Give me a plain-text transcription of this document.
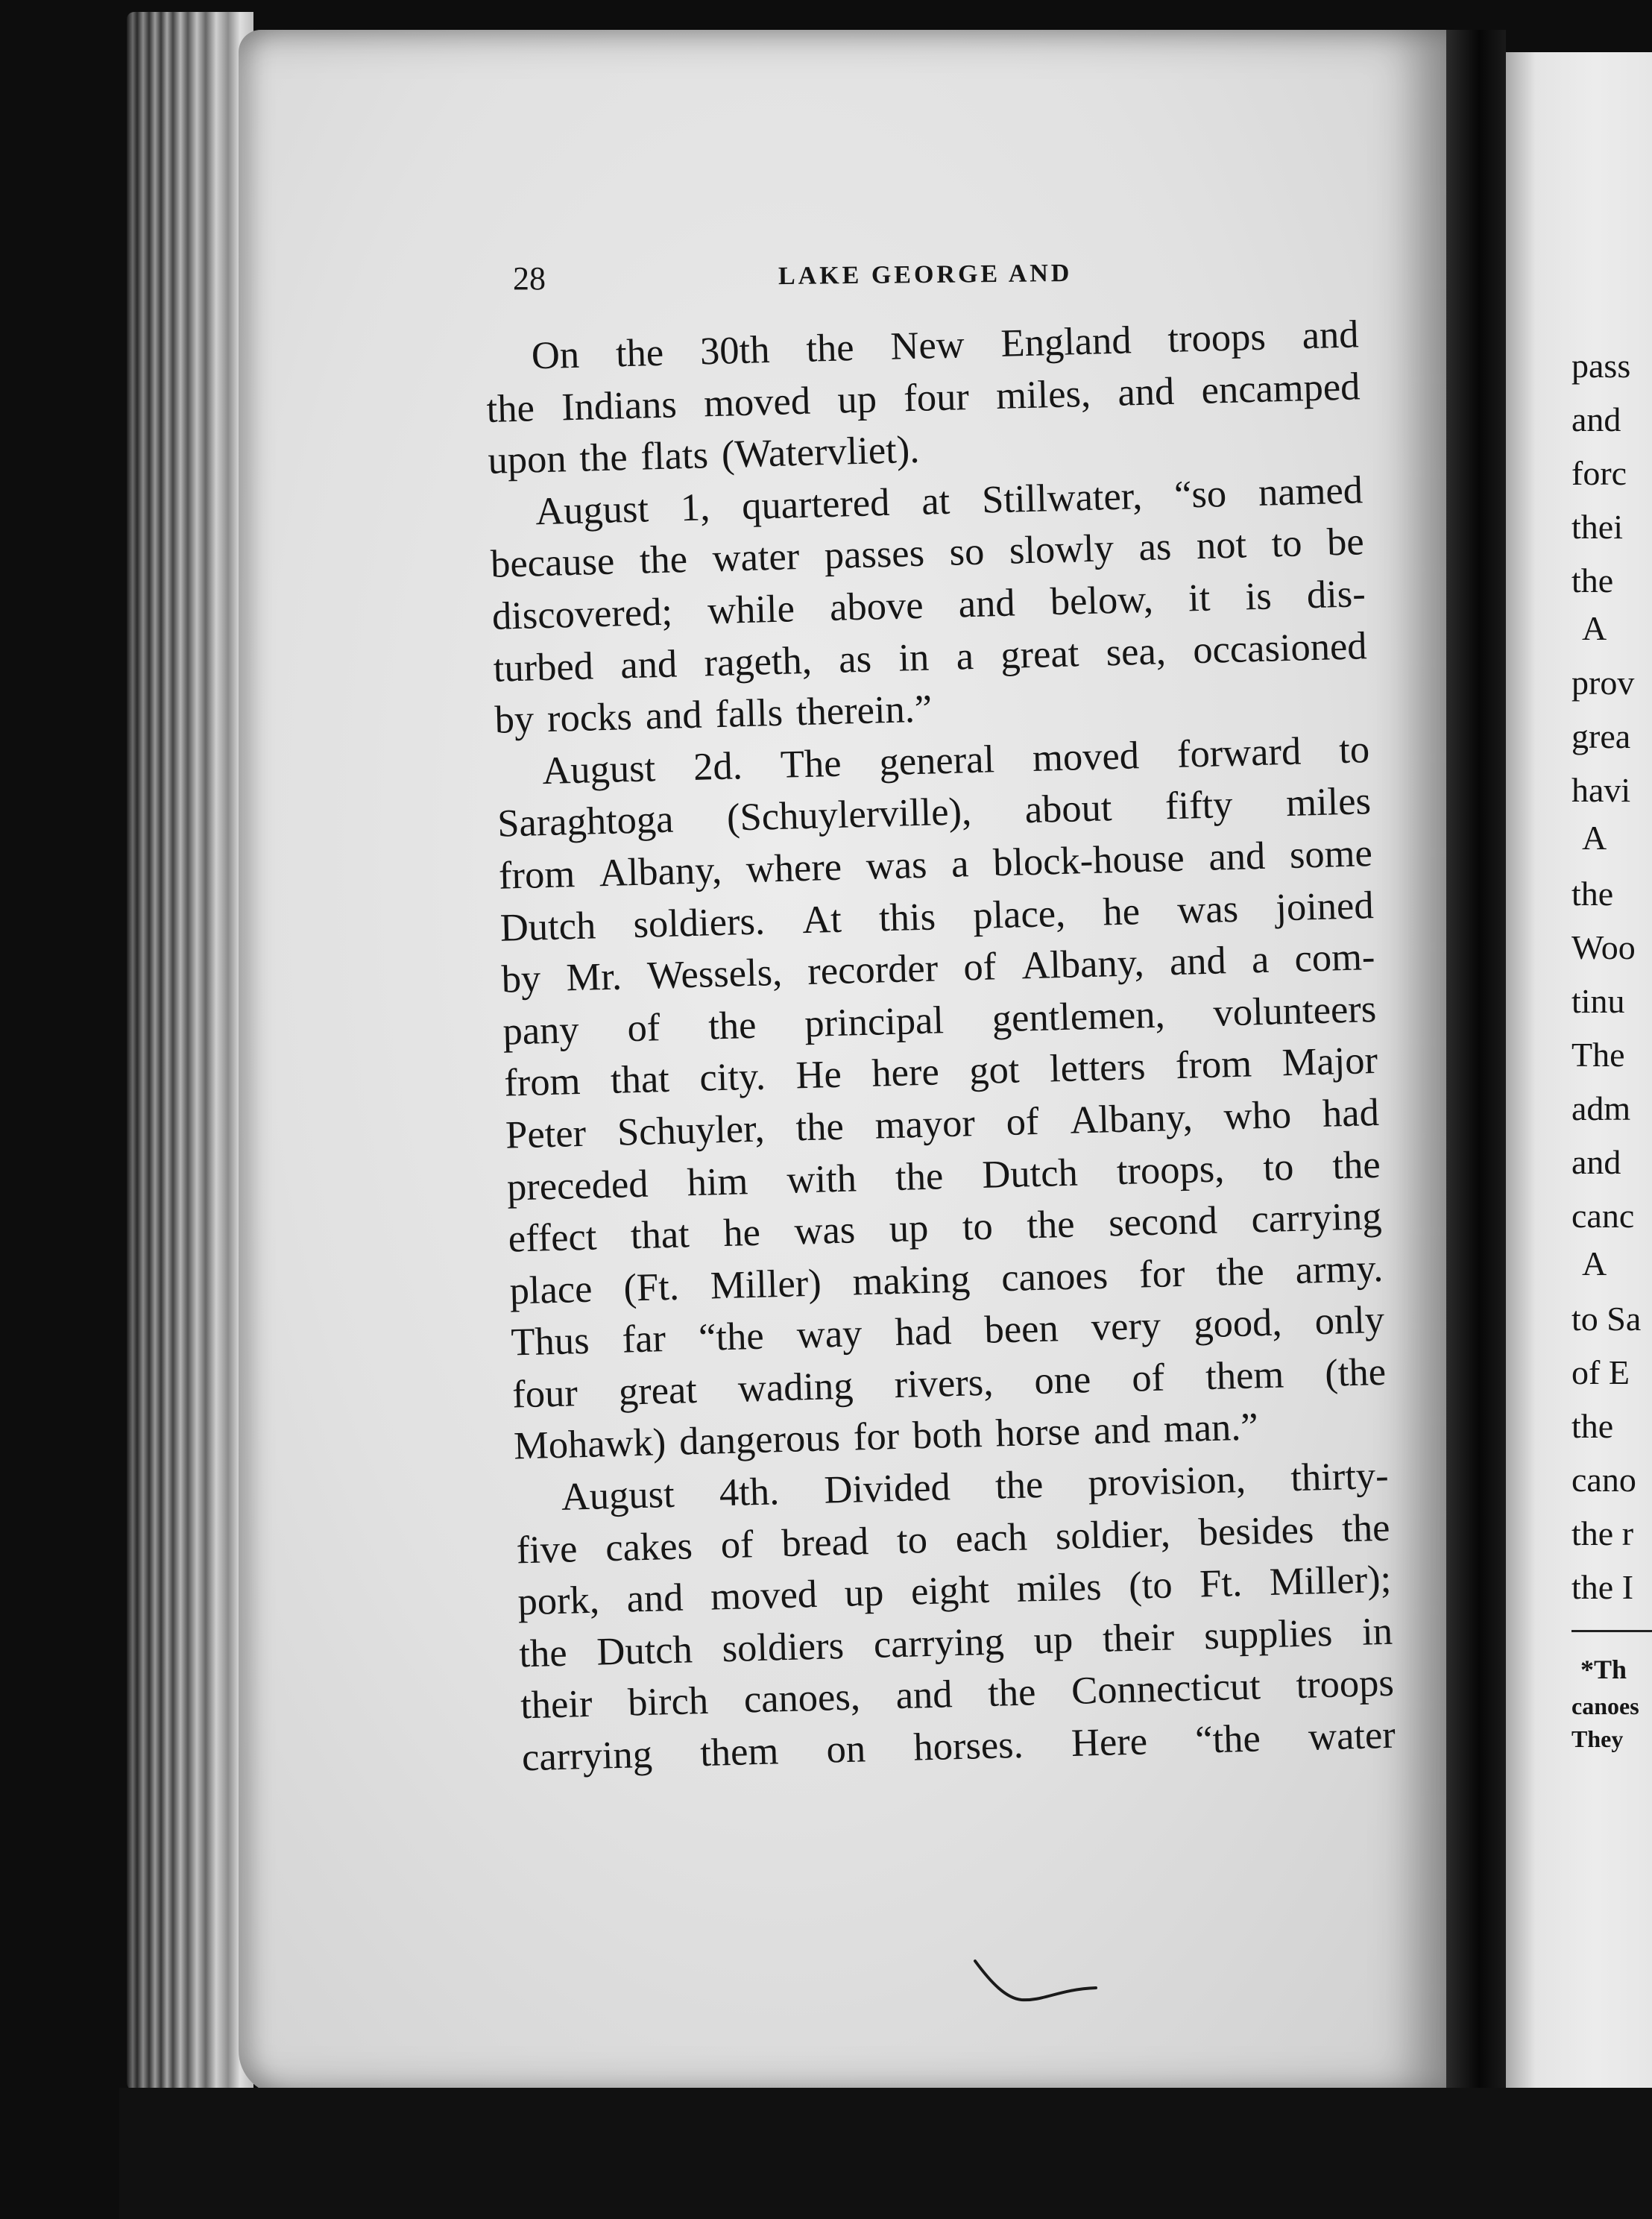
pass
and
forc
thei
the
A
prov
grea
havi
A
the
Woo
tinu
The
adm
and
canc
A
to Sa
of E
the
cano
the r
the I
*Th
canoes
They
28	LAKE GEORGE AND
On the 30th the New England troops and
the Indians moved up four miles, and encamped
upon the flats (Watervliet).
August 1, quartered at Stillwater, “so named
because the water passes so slowly as not to be
discovered; while above and below, it is dis-
turbed and rageth, as in a great sea, occasioned
by rocks and falls therein.”
August 2d. The general moved forward to
Saraghtoga (Schuylerville), about fifty miles
from Albany, where was a block-house and some
Dutch soldiers. At this place, he was joined
by Mr. Wessels, recorder of Albany, and a com-
pany of the principal gentlemen, volunteers
from that city. He here got letters from Major
Peter Schuyler, the mayor of Albany, who had
preceded him with the Dutch troops, to the
effect that he was up to the second carrying
place (Ft. Miller) making canoes for the army.
Thus far “the way had been very good, only
four great wading rivers, one of them (the
Mohawk) dangerous for both horse and man.”
August 4th. Divided the provision, thirty-
five cakes of bread to each soldier, besides the
pork, and moved up eight miles (to Ft. Miller);
the Dutch soldiers carrying up their supplies in
their birch canoes, and the Connecticut troops
carrying them on horses. Here “the water
